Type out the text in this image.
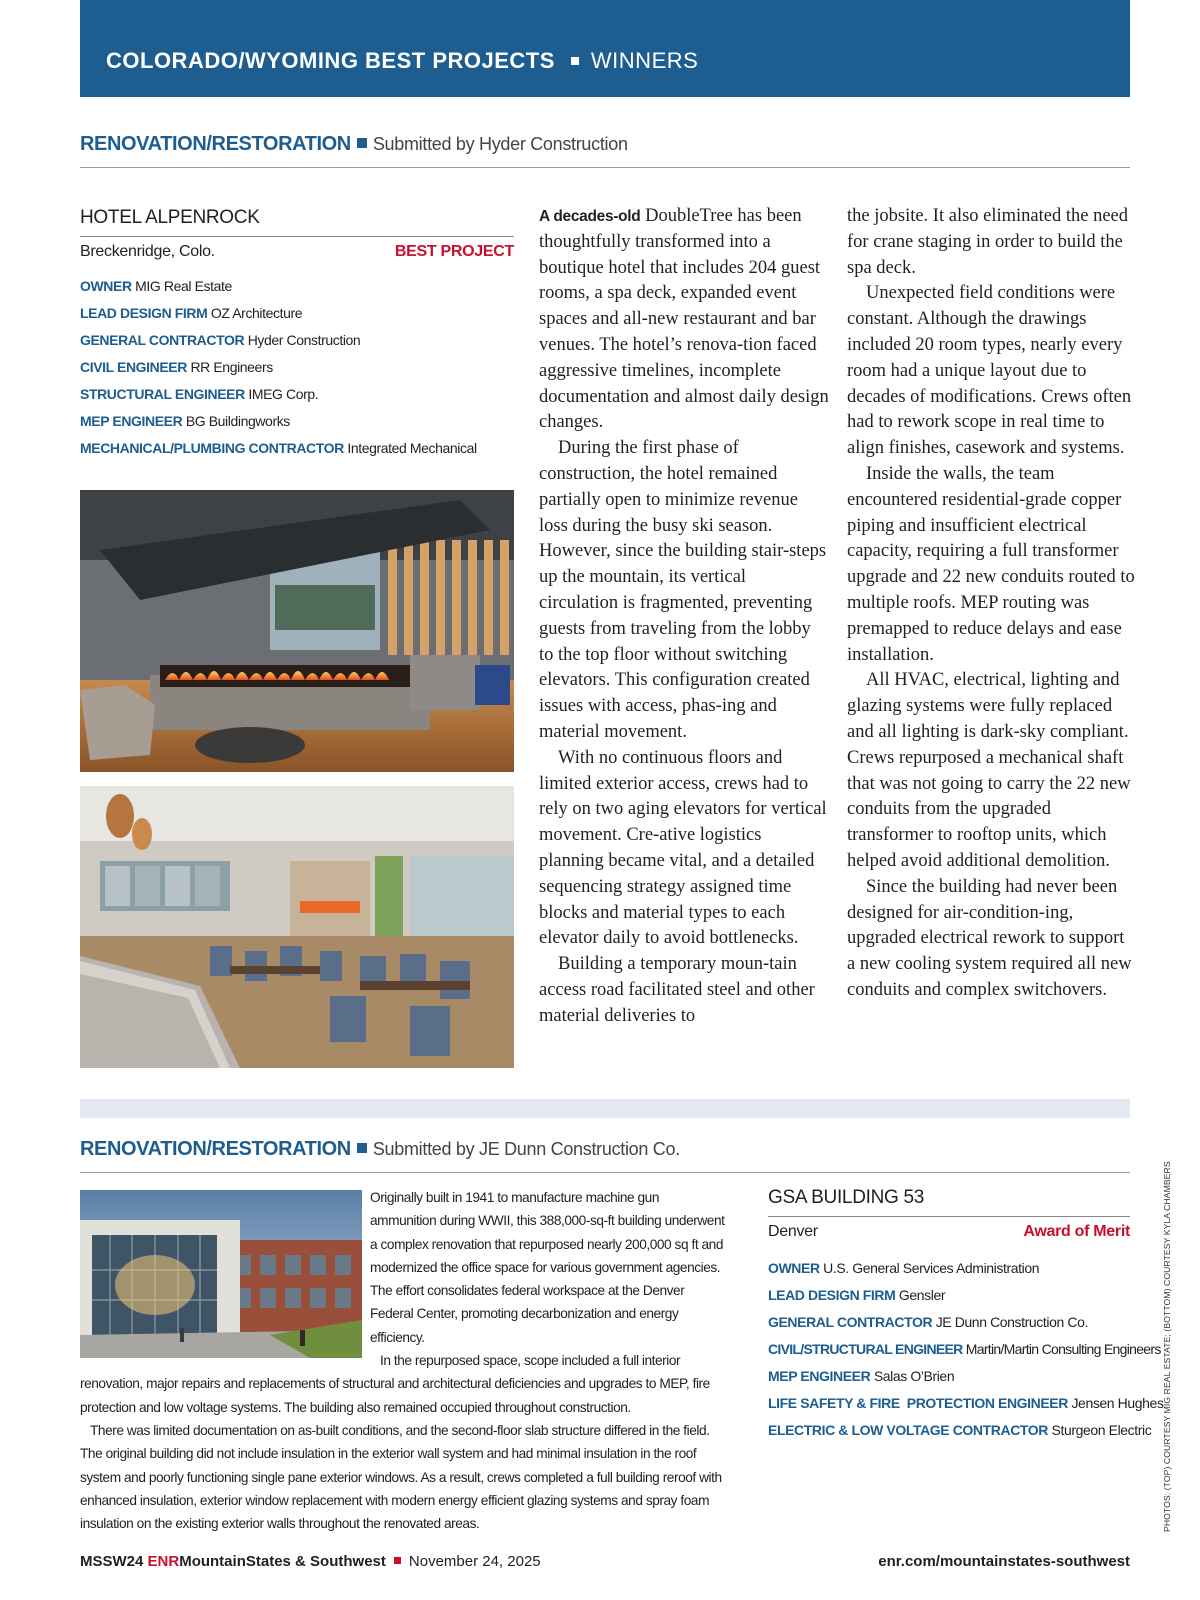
COLORADO/WYOMING BEST PROJECTS WINNERS
RENOVATION/RESTORATION Submitted by Hyder Construction
HOTEL ALPENROCK
Breckenridge, Colo.	BEST PROJECT
OWNER MIG Real Estate
LEAD DESIGN FIRM OZ Architecture
GENERAL CONTRACTOR Hyder Construction
CIVIL ENGINEER RR Engineers
STRUCTURAL ENGINEER IMEG Corp.
MEP ENGINEER BG Buildingworks
MECHANICAL/PLUMBING CONTRACTOR Integrated Mechanical

A decades-old DoubleTree has been thoughtfully transformed into a boutique hotel that includes 204 guest rooms, a spa deck, expanded event spaces and all-new restaurant and bar venues. The hotel’s renova-tion faced aggressive timelines, incomplete documentation and almost daily design changes.

During the first phase of construction, the hotel remained partially open to minimize revenue loss during the busy ski season. However, since the building stair-steps up the mountain, its vertical circulation is fragmented, preventing guests from traveling from the lobby to the top floor without switching elevators. This configuration created issues with access, phas-ing and material movement.

With no continuous floors and limited exterior access, crews had to rely on two aging elevators for vertical movement. Cre-ative logistics planning became vital, and a detailed sequencing strategy assigned time blocks and material types to each elevator daily to avoid bottlenecks.

Building a temporary moun-tain access road facilitated steel and other material deliveries to

the jobsite. It also eliminated the need for crane staging in order to build the spa deck.

Unexpected field conditions were constant. Although the drawings included 20 room types, nearly every room had a unique layout due to decades of modifications. Crews often had to rework scope in real time to align finishes, casework and systems.

Inside the walls, the team encountered residential-grade copper piping and insufficient electrical capacity, requiring a full transformer upgrade and 22 new conduits routed to multiple roofs. MEP routing was premapped to reduce delays and ease installation.

All HVAC, electrical, lighting and glazing systems were fully replaced and all lighting is dark-sky compliant. Crews repurposed a mechanical shaft that was not going to carry the 22 new conduits from the upgraded transformer to rooftop units, which helped avoid additional demolition.

Since the building had never been designed for air-condition-ing, upgraded electrical rework to support a new cooling system required all new conduits and complex switchovers.

RENOVATION/RESTORATION Submitted by JE Dunn Construction Co.

Originally built in 1941 to manufacture machine gun ammunition during WWII, this 388,000-sq-ft building underwent a complex renovation that repurposed nearly 200,000 sq ft and modernized the office space for various government agencies. The effort consolidates federal workspace at the Denver Federal Center, promoting decarbonization and energy efficiency.

In the repurposed space, scope included a full interior renovation, major repairs and replacements of structural and architectural deficiencies and upgrades to MEP, fire protection and low voltage systems. The building also remained occupied throughout construction.

There was limited documentation on as-built conditions, and the second-floor slab structure differed in the field. The original building did not include insulation in the exterior wall system and had minimal insulation in the roof system and poorly functioning single pane exterior windows. As a result, crews completed a full building reroof with enhanced insulation, exterior window replacement with modern energy efficient glazing systems and spray foam insulation on the existing exterior walls throughout the renovated areas.

GSA BUILDING 53
Denver	Award of Merit
OWNER U.S. General Services Administration
LEAD DESIGN FIRM Gensler
GENERAL CONTRACTOR JE Dunn Construction Co.
CIVIL/STRUCTURAL ENGINEER Martin/Martin Consulting Engineers
MEP ENGINEER Salas O’Brien
LIFE SAFETY & FIRE  PROTECTION ENGINEER Jensen Hughes
ELECTRIC & LOW VOLTAGE CONTRACTOR Sturgeon Electric	PHOTOS: (TOP) COURTESY MIG REAL ESTATE; (BOTTOM) COURTESY KYLA CHAMBERS
MSSW24 ENRMountainStates & Southwest November 24, 2025	enr.com/mountainstates-southwest
